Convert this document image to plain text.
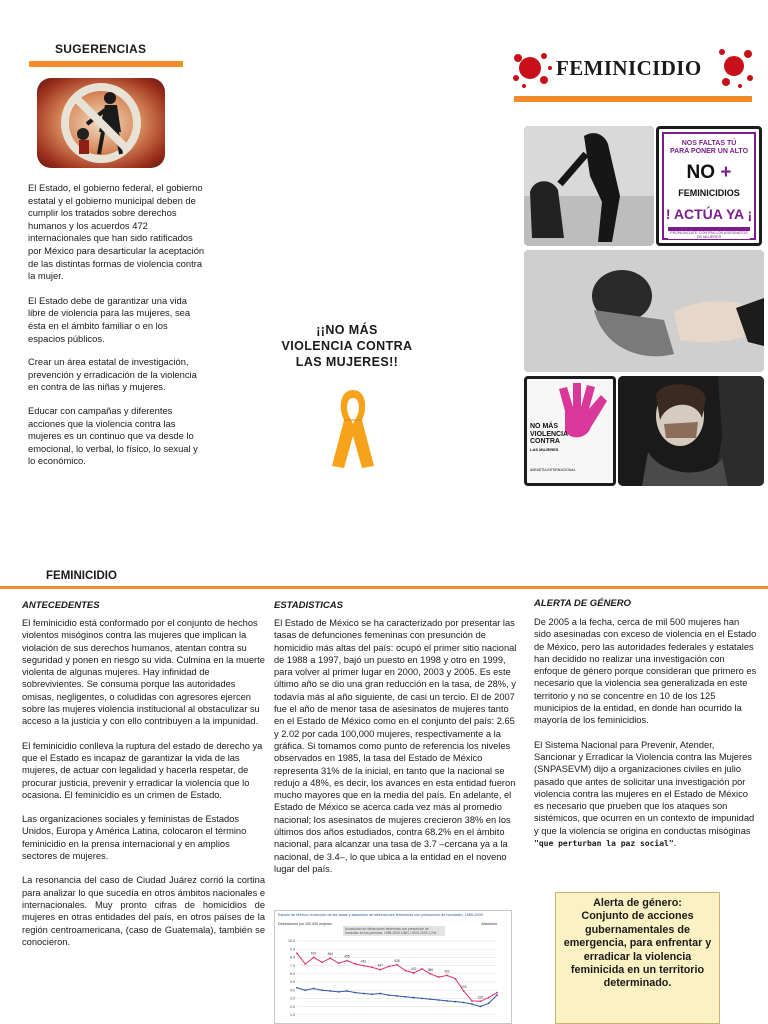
SUGERENCIAS

El Estado, el gobierno federal, el gobierno estatal y el gobierno municipal deben de cumplir los tratados sobre derechos humanos y los acuerdos 472 internacionales que han sido ratificados por México para desarticular la aceptación de las distintas formas de violencia contra la mujer.

El Estado debe de garantizar una vida libre de violencia para las mujeres, sea ésta en el ámbito familiar o en los espacios públicos.

Crear un área estatal de investigación, prevención y erradicación de la violencia en contra de las niñas y mujeres.

Educar con campañas y diferentes acciones que la violencia contra las mujeres es un continuo que va desde lo emocional, lo verbal, lo físico, lo sexual y lo económico.

¡¡NO MÁS
VIOLENCIA CONTRA
LAS MUJERES!!
FEMINICIDIO
NOS FALTAS TÚ
PARA PONER UN ALTO
NO +
FEMINICIDIOS
! ACTÚA YA ¡
PRONUNCIATE CONTRA LOS ASESINATOS DE MUJERES
NO MÁS
VIOLENCIA
CONTRA
LAS MUJERES
AMNISTÍA INTERNACIONAL
FEMINICIDIO
ANTECEDENTES

El feminicidio está conformado por el conjunto de hechos violentos misóginos contra las mujeres que implican la violación de sus derechos humanos, atentan contra su seguridad y ponen en riesgo su vida. Culmina en la muerte violenta de algunas mujeres. Hay infinidad de sobrevivientes. Se consuma porque las autoridades omisas, negligentes, o coludidas con agresores ejercen sobre las mujeres violencia institucional al obstaculizar su acceso a la justicia y con ello contribuyen a la impunidad.

El feminicidio conlleva la ruptura del estado de derecho ya que el Estado es incapaz de garantizar la vida de las mujeres, de actuar con legalidad y hacerla respetar, de procurar justicia, prevenir y erradicar la violencia que lo ocasiona. El feminicidio es un crimen de Estado.

Las organizaciones sociales y feministas de Estados Unidos, Europa y América Latina, colocaron el término feminicidio en la prensa internacional y en amplios sectores de mujeres.

La resonancia del caso de Ciudad Juárez corrió la cortina para analizar lo que sucedía en otros ámbitos nacionales e internacionales. Muy pronto cifras de homicidios de mujeres en otras entidades del país, en otros países de la región centroamericana, (caso de Guatemala), también se conocieron.

ESTADISTICAS

El Estado de México se ha caracterizado por presentar las tasas de defunciones femeninas con presunción de homicidio más altas del país: ocupó el primer sitio nacional de 1988 a 1997, bajó un puesto en 1998 y otro en 1999, para volver al primer lugar en 2000, 2003 y 2005. Es este último año se dio una gran reducción en la tasa, de 28%, y todavía más al año siguiente, de casi un tercio. El de 2007 fue el año de menor tasa de asesinatos de mujeres tanto en el Estado de México como en el conjunto del país: 2.65 y 2.02 por cada 100,000 mujeres, respectivamente a la gráfica. Si tomamos como punto de referencia los niveles observados en 1985, la tasa del Estado de México representa 31% de la inicial, en tanto que la nacional se redujo a 48%, es decir, los avances en esta entidad fueron mucho mayores que en la media del país. En adelante, el Estado de México se acerca cada vez más al promedio nacional; los asesinatos de mujeres crecieron 38% en los últimos dos años estudiados, contra 68.2% en el ámbito nacional, para alcanzar una tasa de 3.7 –cercana ya a la nacional, de 3.4–, lo que ubica a la entidad en el noveno lugar del país.

Estado de México: evolución de las tasas y absolutos de defunciones femeninas con presunción de homicidio, 1985-2009
Defunciones por 100,000 mujeres	Absolutos
Acumulado de defunciones femeninas con presunción de homicidio en los periodos: 1985-2009 4,881 / 2005-2009 1,241
10.0
9.0
8.0
7.0
6.0
5.0
4.0
3.0
2.0
1.0
601	454
455
461
437
428
402	386	302
243
225
ALERTA DE GÉNERO

De 2005 a la fecha, cerca de mil 500 mujeres han sido asesinadas con exceso de violencia en el Estado de México, pero las autoridades federales y estatales han decidido no realizar una investigación con enfoque de género porque consideran que primero es necesario que la violencia sea generalizada en este territorio y no se concentre en 10 de los 125 municipios de la entidad, en donde han ocurrido la mayoría de los feminicidios.

El Sistema Nacional para Prevenir, Atender, Sancionar y Erradicar la Violencia contra las Mujeres (SNPASEVM) dijo a organizaciones civiles en julio pasado que antes de solicitar una investigación por violencia contra las mujeres en el Estado de México es necesario que prueben que los ataques son sistémicos, que ocurren en un contexto de impunidad y que la violencia se origina en conductas misóginas "que perturban la paz social".

Alerta de género:
Conjunto de acciones gubernamentales de emergencia, para enfrentar y erradicar la violencia feminicida en un territorio determinado.
